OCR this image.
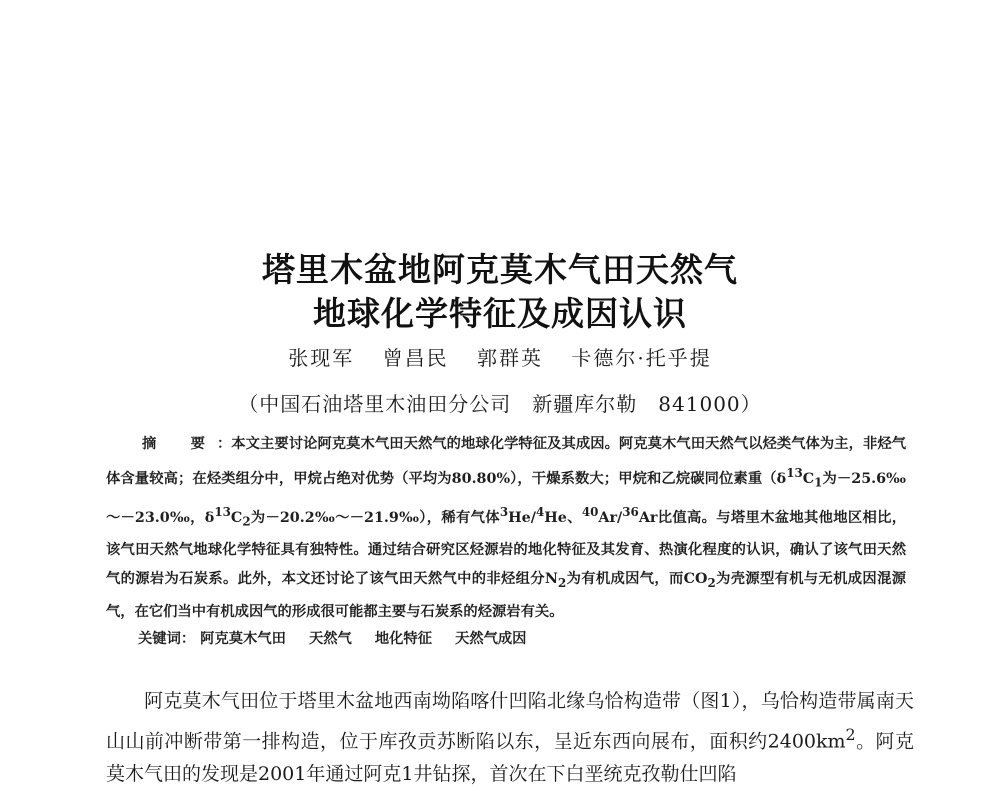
塔里木盆地阿克莫木气田天然气
地球化学特征及成因认识
张现军 曾昌民 郭群英 卡德尔·托乎提
（中国石油塔里木油田分公司　新疆库尔勒　841000）
摘　要 ：本文主要讨论阿克莫木气田天然气的地球化学特征及其成因。阿克莫木气田天然气以烃类气体为主，非烃气体含量较高；在烃类组分中，甲烷占绝对优势（平均为80.80%），干燥系数大；甲烷和乙烷碳同位素重（$\delta^{13}C_1$为－25.6‰～－23.0‰，$\delta^{13}C_2$为－20.2‰～－21.9‰），稀有气体$^3$He/$^4$He、$^{40}$Ar/$^{36}$Ar比值高。与塔里木盆地其他地区相比，该气田天然气地球化学特征具有独特性。通过结合研究区烃源岩的地化特征及其发育、热演化程度的认识，确认了该气田天然气的源岩为石炭系。此外，本文还讨论了该气田天然气中的非烃组分$N_2$为有机成因气，而$CO_2$为壳源型有机与无机成因混源气，在它们当中有机成因气的形成很可能都主要与石炭系的烃源岩有关。
关键词： 阿克莫木气田 天然气 地化特征 天然气成因
阿克莫木气田位于塔里木盆地西南坳陷喀什凹陷北缘乌恰构造带（图1），乌恰构造带属南天山山前冲断带第一排构造，位于库孜贡苏断陷以东，呈近东西向展布，面积约$2400km^2$。阿克莫木气田的发现是2001年通过阿克1井钻探，首次在下白垩统克孜勒仕凹陷
